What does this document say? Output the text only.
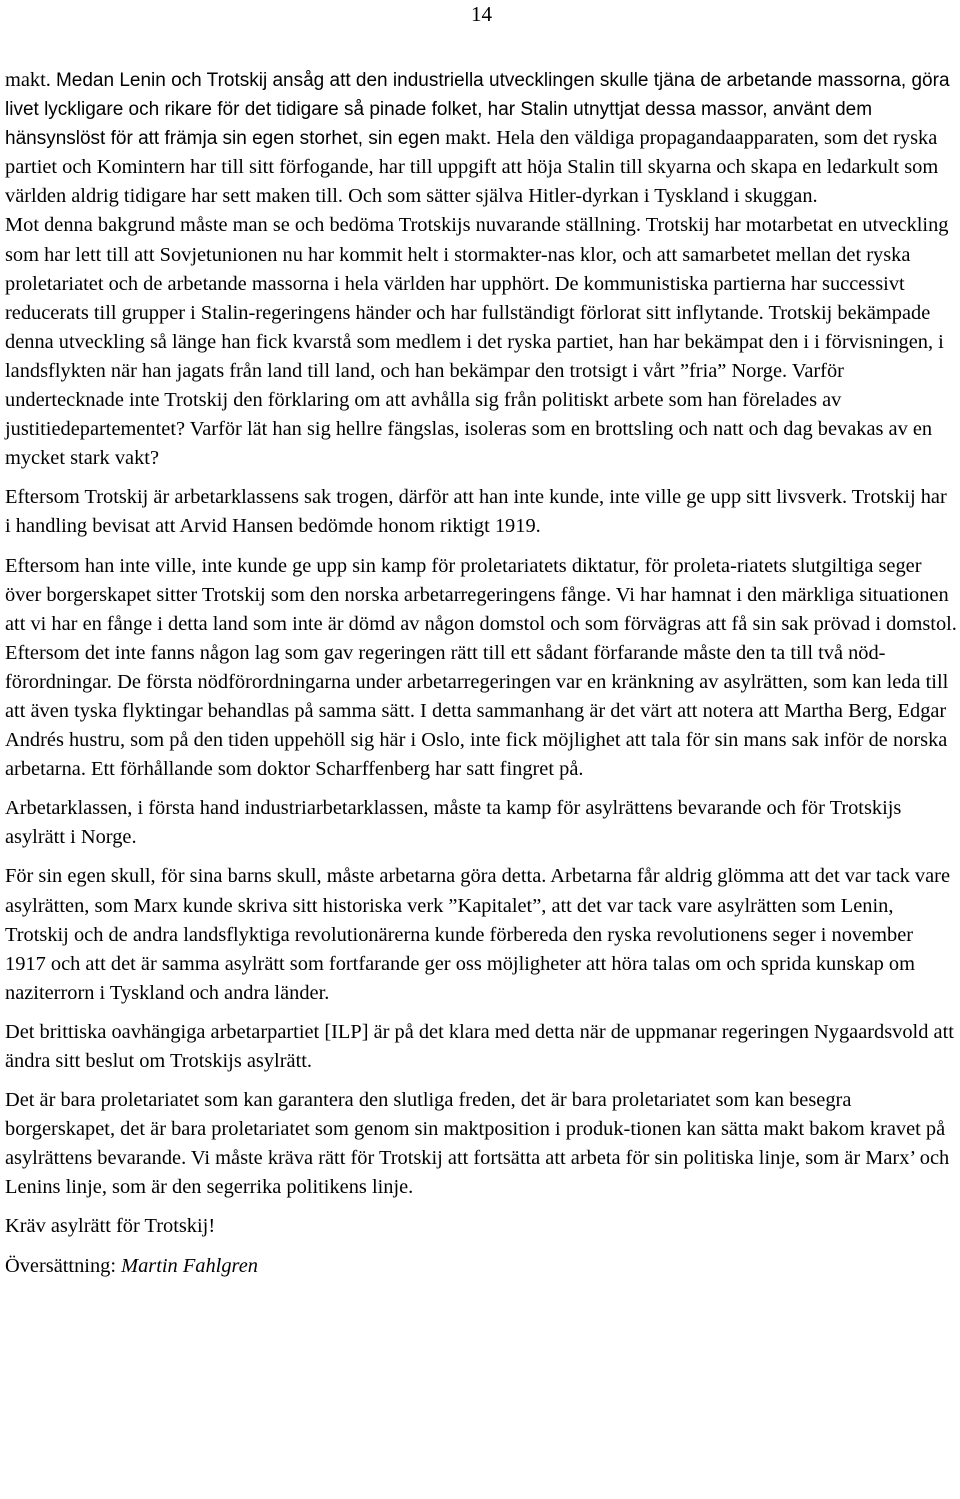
14

makt. Medan Lenin och Trotskij ansåg att den industriella utvecklingen skulle tjäna de arbetande massorna, göra livet lyckligare och rikare för det tidigare så pinade folket, har Stalin utnyttjat dessa massor, använt dem hänsynslöst för att främja sin egen storhet, sin egen makt. Hela den väldiga propagandaapparaten, som det ryska partiet och Komintern har till sitt förfogande, har till uppgift att höja Stalin till skyarna och skapa en ledarkult som världen aldrig tidigare har sett maken till. Och som sätter själva Hitler-dyrkan i Tyskland i skuggan.

Mot denna bakgrund måste man se och bedöma Trotskijs nuvarande ställning. Trotskij har motarbetat en utveckling som har lett till att Sovjetunionen nu har kommit helt i stormakter-nas klor, och att samarbetet mellan det ryska proletariatet och de arbetande massorna i hela världen har upphört. De kommunistiska partierna har successivt reducerats till grupper i Stalin-regeringens händer och har fullständigt förlorat sitt inflytande. Trotskij bekämpade denna utveckling så länge han fick kvarstå som medlem i det ryska partiet, han har bekämpat den i i förvisningen, i landsflykten när han jagats från land till land, och han bekämpar den trotsigt i vårt ”fria” Norge. Varför undertecknade inte Trotskij den förklaring om att avhålla sig från politiskt arbete som han förelades av justitiedepartementet? Varför lät han sig hellre fängslas, isoleras som en brottsling och natt och dag bevakas av en mycket stark vakt?

Eftersom Trotskij är arbetarklassens sak trogen, därför att han inte kunde, inte ville ge upp sitt livsverk. Trotskij har i handling bevisat att Arvid Hansen bedömde honom riktigt 1919.

Eftersom han inte ville, inte kunde ge upp sin kamp för proletariatets diktatur, för proleta-riatets slutgiltiga seger över borgerskapet sitter Trotskij som den norska arbetarregeringens fånge. Vi har hamnat i den märkliga situationen att vi har en fånge i detta land som inte är dömd av någon domstol och som förvägras att få sin sak prövad i domstol. Eftersom det inte fanns någon lag som gav regeringen rätt till ett sådant förfarande måste den ta till två nöd-förordningar. De första nödförordningarna under arbetarregeringen var en kränkning av asylrätten, som kan leda till att även tyska flyktingar behandlas på samma sätt. I detta sammanhang är det värt att notera att Martha Berg, Edgar Andrés hustru, som på den tiden uppehöll sig här i Oslo, inte fick möjlighet att tala för sin mans sak inför de norska arbetarna. Ett förhållande som doktor Scharffenberg har satt fingret på.

Arbetarklassen, i första hand industriarbetarklassen, måste ta kamp för asylrättens bevarande och för Trotskijs asylrätt i Norge.

För sin egen skull, för sina barns skull, måste arbetarna göra detta. Arbetarna får aldrig glömma att det var tack vare asylrätten, som Marx kunde skriva sitt historiska verk ”Kapitalet”, att det var tack vare asylrätten som Lenin, Trotskij och de andra landsflyktiga revolutionärerna kunde förbereda den ryska revolutionens seger i november 1917 och att det är samma asylrätt som fortfarande ger oss möjligheter att höra talas om och sprida kunskap om naziterrorn i Tyskland och andra länder.

Det brittiska oavhängiga arbetarpartiet [ILP] är på det klara med detta när de uppmanar regeringen Nygaardsvold att ändra sitt beslut om Trotskijs asylrätt.

Det är bara proletariatet som kan garantera den slutliga freden, det är bara proletariatet som kan besegra borgerskapet, det är bara proletariatet som genom sin maktposition i produk-tionen kan sätta makt bakom kravet på asylrättens bevarande. Vi måste kräva rätt för Trotskij att fortsätta att arbeta för sin politiska linje, som är Marx’ och Lenins linje, som är den segerrika politikens linje.

Kräv asylrätt för Trotskij!

Översättning: Martin Fahlgren
